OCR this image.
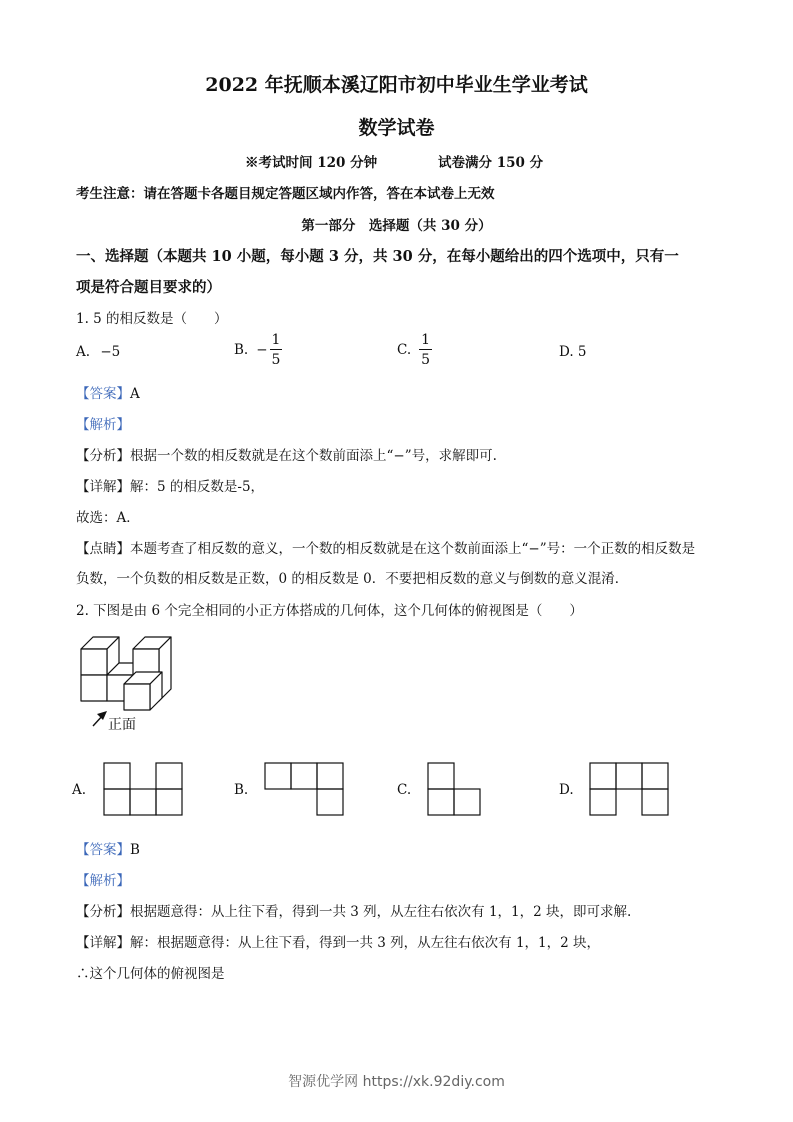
2022 年抚顺本溪辽阳市初中毕业生学业考试
数学试卷
※考试时间 120 分钟	试卷满分 150 分
考生注意：请在答题卡各题目规定答题区域内作答，答在本试卷上无效
第一部分　选择题（共 30 分）
一、选择题（本题共 10 小题，每小题 3 分，共 30 分，在每小题给出的四个选项中，只有一
项是符合题目要求的）
1. 5 的相反数是（　　）
A. −5	B. − $\frac{1}{5}$	C. $\frac{1}{5}$	D. 5
【答案】A
【解析】
【分析】根据一个数的相反数就是在这个数前面添上“−”号，求解即可.
【详解】解：5 的相反数是-5，
故选：A．
【点睛】本题考查了相反数的意义，一个数的相反数就是在这个数前面添上“−”号：一个正数的相反数是
负数，一个负数的相反数是正数，0 的相反数是 0．不要把相反数的意义与倒数的意义混淆．
2. 下图是由 6 个完全相同的小正方体搭成的几何体，这个几何体的俯视图是（　　）
正面
A.	B.	C.	D.
【答案】B
【解析】
【分析】根据题意得：从上往下看，得到一共 3 列，从左往右依次有 1，1，2 块，即可求解.
【详解】解：根据题意得：从上往下看，得到一共 3 列，从左往右依次有 1，1，2 块，
∴这个几何体的俯视图是
智源优学网 https://xk.92diy.com
